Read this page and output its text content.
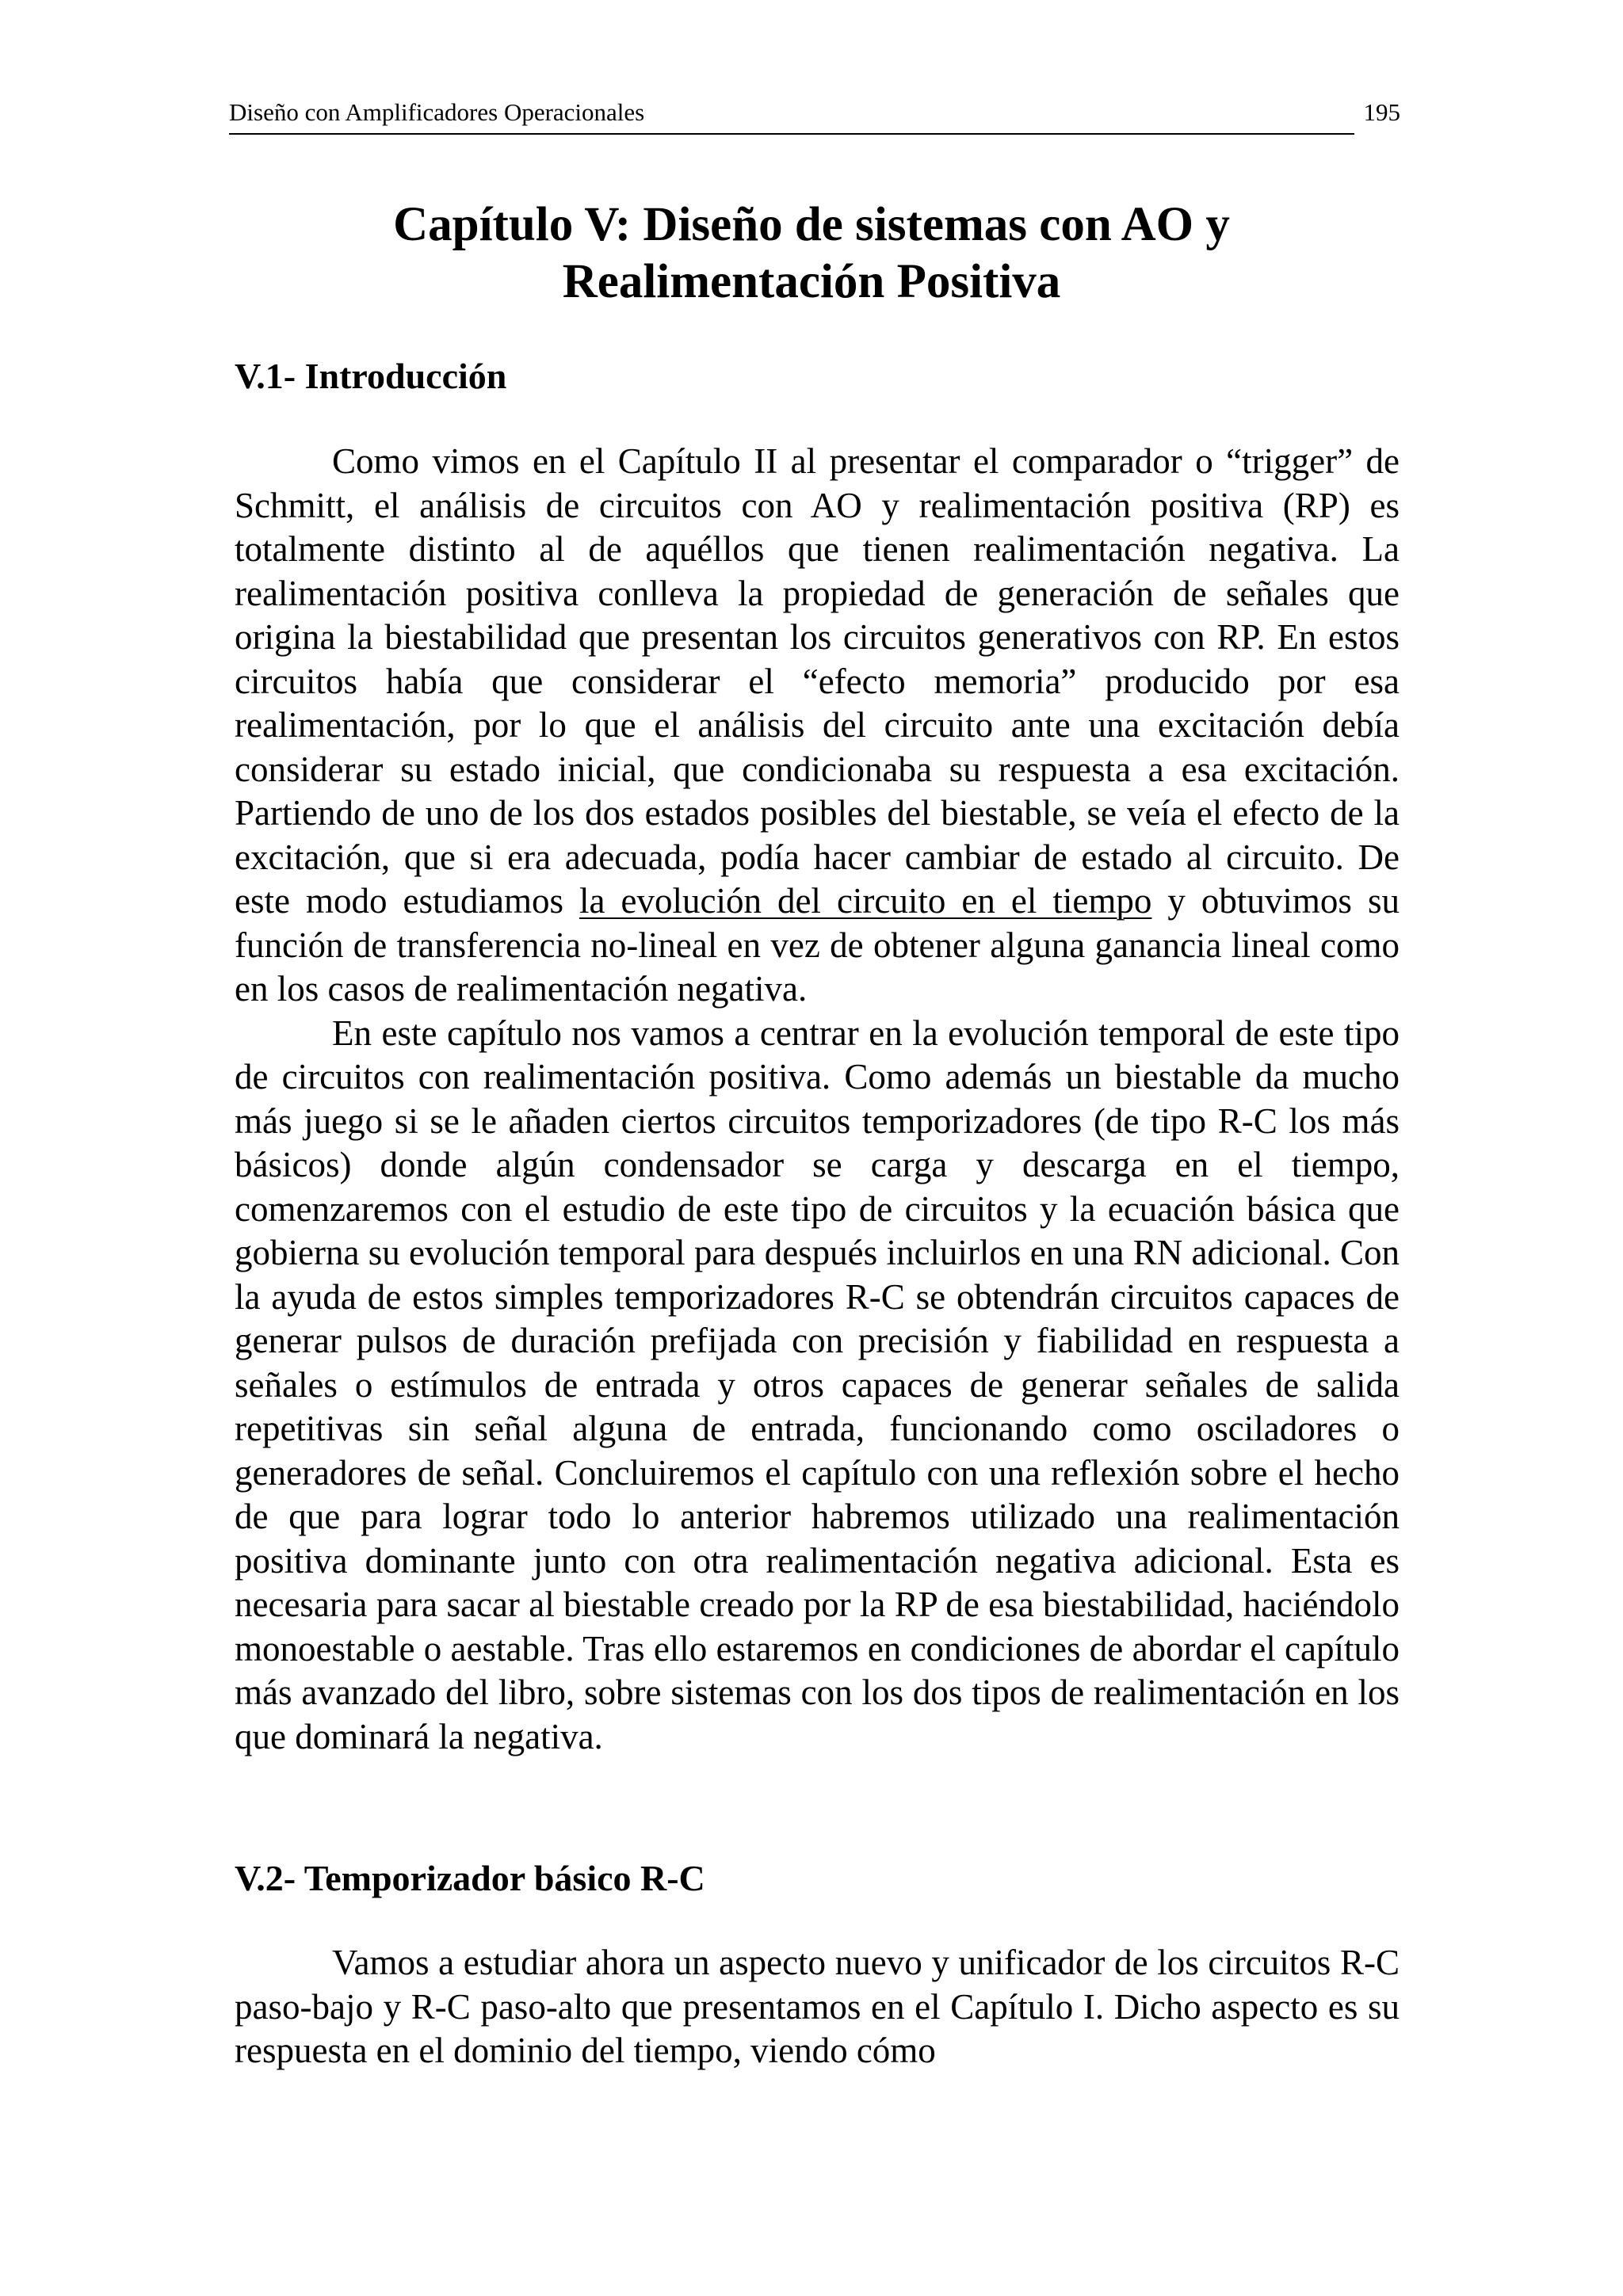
Diseño con Amplificadores Operacionales	195
Capítulo V: Diseño de sistemas con AO y
Realimentación Positiva
V.1- Introducción

Como vimos en el Capítulo II al presentar el comparador o “trigger” de Schmitt, el análisis de circuitos con AO y realimentación positiva (RP) es totalmente distinto al de aquéllos que tienen realimentación negativa. La realimentación positiva conlleva la propiedad de generación de señales que origina la biestabilidad que presentan los circuitos generativos con RP. En estos circuitos había que considerar el “efecto memoria” producido por esa realimentación, por lo que el análisis del circuito ante una excitación debía considerar su estado inicial, que condicionaba su respuesta a esa excitación. Partiendo de uno de los dos estados posibles del biestable, se veía el efecto de la excitación, que si era adecuada, podía hacer cambiar de estado al circuito. De este modo estudiamos la evolución del circuito en el tiempo y obtuvimos su función de transferencia no-lineal en vez de obtener alguna ganancia lineal como en los casos de realimentación negativa.

En este capítulo nos vamos a centrar en la evolución temporal de este tipo de circuitos con realimentación positiva. Como además un biestable da mucho más juego si se le añaden ciertos circuitos temporizadores (de tipo R-C los más básicos) donde algún condensador se carga y descarga en el tiempo, comenzaremos con el estudio de este tipo de circuitos y la ecuación básica que gobierna su evolución temporal para después incluirlos en una RN adicional. Con la ayuda de estos simples temporizadores R-C se obtendrán circuitos capaces de generar pulsos de duración prefijada con precisión y fiabilidad en respuesta a señales o estímulos de entrada y otros capaces de generar señales de salida repetitivas sin señal alguna de entrada, funcionando como osciladores o generadores de señal. Concluiremos el capítulo con una reflexión sobre el hecho de que para lograr todo lo anterior habremos utilizado una realimentación positiva dominante junto con otra realimentación negativa adicional. Esta es necesaria para sacar al biestable creado por la RP de esa biestabilidad, haciéndolo monoestable o aestable. Tras ello estaremos en condiciones de abordar el capítulo más avanzado del libro, sobre sistemas con los dos tipos de realimentación en los que dominará la negativa.

V.2- Temporizador básico R-C

Vamos a estudiar ahora un aspecto nuevo y unificador de los circuitos R-C paso-bajo y R-C paso-alto que presentamos en el Capítulo I. Dicho aspecto es su respuesta en el dominio del tiempo, viendo cómo
